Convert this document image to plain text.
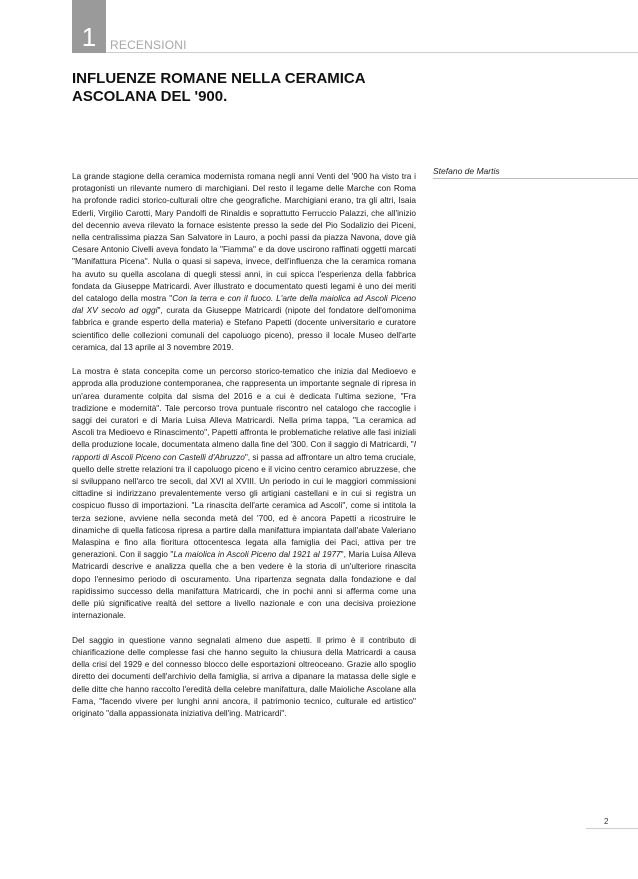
1 RECENSIONI
INFLUENZE ROMANE NELLA CERAMICA
ASCOLANA DEL '900.
Stefano de Martis

La grande stagione della ceramica modernista romana negli anni Venti del '900 ha visto tra i protagonisti un rilevante numero di marchigiani. Del resto il legame delle Marche con Roma ha profonde radici storico-culturali oltre che geografiche. Marchigiani erano, tra gli altri, Isaia Ederli, Virgilio Carotti, Mary Pandolfi de Rinaldis e soprattutto Ferruccio Palazzi, che all'inizio del decennio aveva rilevato la fornace esistente presso la sede del Pio Sodalizio dei Piceni, nella centralissima piazza San Salvatore in Lauro, a pochi passi da piazza Navona, dove già Cesare Antonio Civelli aveva fondato la "Fiamma" e da dove uscirono raffinati oggetti marcati "Manifattura Picena". Nulla o quasi si sapeva, invece, dell'influenza che la ceramica romana ha avuto su quella ascolana di quegli stessi anni, in cui spicca l'esperienza della fabbrica fondata da Giuseppe Matricardi. Aver illustrato e documentato questi legami è uno dei meriti del catalogo della mostra "Con la terra e con il fuoco. L'arte della maiolica ad Ascoli Piceno dal XV secolo ad oggi", curata da Giuseppe Matricardi (nipote del fondatore dell'omonima fabbrica e grande esperto della materia) e Stefano Papetti (docente universitario e curatore scientifico delle collezioni comunali del capoluogo piceno), presso il locale Museo dell'arte ceramica, dal 13 aprile al 3 novembre 2019.

La mostra è stata concepita come un percorso storico-tematico che inizia dal Medioevo e approda alla produzione contemporanea, che rappresenta un importante segnale di ripresa in un'area duramente colpita dal sisma del 2016 e a cui è dedicata l'ultima sezione, "Fra tradizione e modernità". Tale percorso trova puntuale riscontro nel catalogo che raccoglie i saggi dei curatori e di Maria Luisa Alleva Matricardi. Nella prima tappa, "La ceramica ad Ascoli tra Medioevo e Rinascimento", Papetti affronta le problematiche relative alle fasi iniziali della produzione locale, documentata almeno dalla fine del '300. Con il saggio di Matricardi, "I rapporti di Ascoli Piceno con Castelli d'Abruzzo", si passa ad affrontare un altro tema cruciale, quello delle strette relazioni tra il capoluogo piceno e il vicino centro ceramico abruzzese, che si sviluppano nell'arco tre secoli, dal XVI al XVIII. Un periodo in cui le maggiori commissioni cittadine si indirizzano prevalentemente verso gli artigiani castellani e in cui si registra un cospicuo flusso di importazioni. "La rinascita dell'arte ceramica ad Ascoli", come si intitola la terza sezione, avviene nella seconda metà del '700, ed è ancora Papetti a ricostruire le dinamiche di quella faticosa ripresa a partire dalla manifattura impiantata dall'abate Valeriano Malaspina e fino alla fioritura ottocentesca legata alla famiglia dei Paci, attiva per tre generazioni. Con il saggio "La maiolica in Ascoli Piceno dal 1921 al 1977", Maria Luisa Alleva Matricardi descrive e analizza quella che a ben vedere è la storia di un'ulteriore rinascita dopo l'ennesimo periodo di oscuramento. Una ripartenza segnata dalla fondazione e dal rapidissimo successo della manifattura Matricardi, che in pochi anni si afferma come una delle più significative realtà del settore a livello nazionale e con una decisiva proiezione internazionale.

Del saggio in questione vanno segnalati almeno due aspetti. Il primo è il contributo di chiarificazione delle complesse fasi che hanno seguito la chiusura della Matricardi a causa della crisi del 1929 e del connesso blocco delle esportazioni oltreoceano. Grazie allo spoglio diretto dei documenti dell'archivio della famiglia, si arriva a dipanare la matassa delle sigle e delle ditte che hanno raccolto l'eredità della celebre manifattura, dalle Maioliche Ascolane alla Fama, "facendo vivere per lunghi anni ancora, il patrimonio tecnico, culturale ed artistico" originato "dalla appassionata iniziativa dell'ing. Matricardi".

2
